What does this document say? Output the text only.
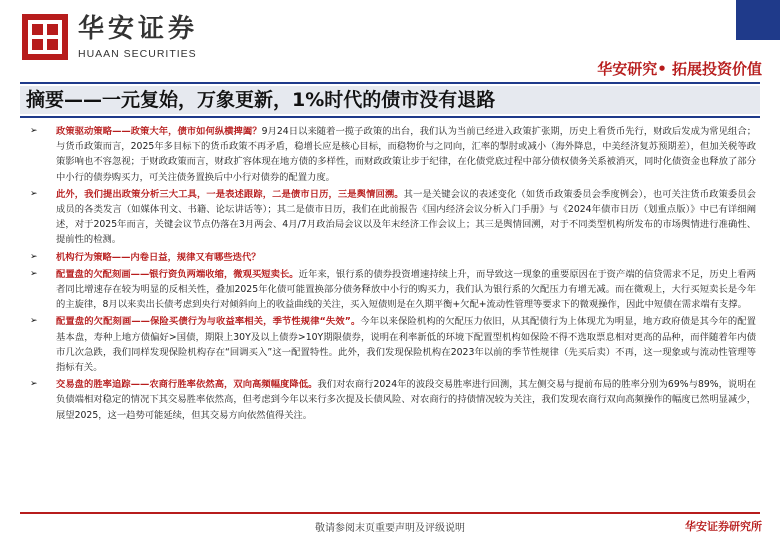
华安证券
HUAAN SECURITIES
华安研究• 拓展投资价值
摘要——一元复始，万象更新，1%时代的债市没有退路
➢ 政策驱动策略——政策大年，债市如何纵横捭阖？9月24日以来随着一揽子政策的出台，我们认为当前已经进入政策扩张期，历史上看货币先行，财政后发成为常见组合；与货币政策而言，2025年多目标下的货币政策不再矛盾，稳增长应是核心目标，而稳物价与之同向，汇率的掣肘或减小（海外降息，中美经济复苏预期差），但加关税等政策影响也不容忽视；于财政政策而言，财政扩容体现在地方债的多样性，而财政政策让步于纪律，在化债党底过程中部分债权债务关系被消灭，同时化债资金也释放了部分中小行的债券购买力，可关注债务置换后中小行对债券的配置力度。
➢ 此外，我们提出政策分析三大工具，一是表述跟踪，二是债市日历，三是舆情回溯。其一是关键会议的表述变化（如货币政策委员会季度例会），也可关注货币政策委员会成员的各类发言（如媒体刊文、书籍、论坛讲话等）；其二是债市日历，我们在此前报告《国内经济会议分析入门手册》与《2024年债市日历（划重点版）》中已有详细阐述，对于2025年而言，关键会议节点仍落在3月两会、4月/7月政治局会议以及年末经济工作会议上；其三是舆情回溯，对于不同类型机构所发布的市场舆情进行准确性、提前性的检测。
➢ 机构行为策略——内卷日益，规律又有哪些迭代？
➢ 配置盘的欠配刻画——银行资负两端收缩，微观买短卖长。近年来，银行系的债券投资增速持续上升，而导致这一现象的重要原因在于资产端的信贷需求不足，历史上看两者同比增速存在较为明显的反相关性，叠加2025年化债可能置换部分债务释放中小行的购买力，我们认为银行系的欠配压力有增无减。而在微观上，大行买短卖长是今年的主旋律，8月以来卖出长债考虑到央行对倾斜向上的收益曲线的关注，买入短债则是在久期平衡+欠配+流动性管理等要求下的微观操作，因此中短债在需求端有支撑。
➢ 配置盘的欠配刻画——保险买债行为与收益率相关，季节性规律“失效”。今年以来保险机构的欠配压力依旧，从其配债行为上体现尤为明显，地方政府债是其今年的配置基本盘，寿种上地方债偏好>国债，期限上30Y及以上债券>10Y期限债券，说明在利率新低的环境下配置型机构如保险不得不选取票息相对更高的品种，而伴随着年内债市几次急跌，我们同样发现保险机构存在“回调买入”这一配置特性。此外，我们发现保险机构在2023年以前的季节性规律（先买后卖）不再，这一现象或与流动性管理等指标有关。
➢ 交易盘的胜率追踪——农商行胜率依然高，双向高频幅度降低。我们对农商行2024年的波段交易胜率进行回测，其左侧交易与提前布局的胜率分别为69%与89%，说明在负债端相对稳定的情况下其交易胜率依然高，但考虑到今年以来行多次提及长债风险、对农商行的持债情况较为关注，我们发现农商行双向高频操作的幅度已然明显减少，展望2025，这一趋势可能延续，但其交易方向依然值得关注。
敬请参阅末页重要声明及评级说明	华安证券研究所
